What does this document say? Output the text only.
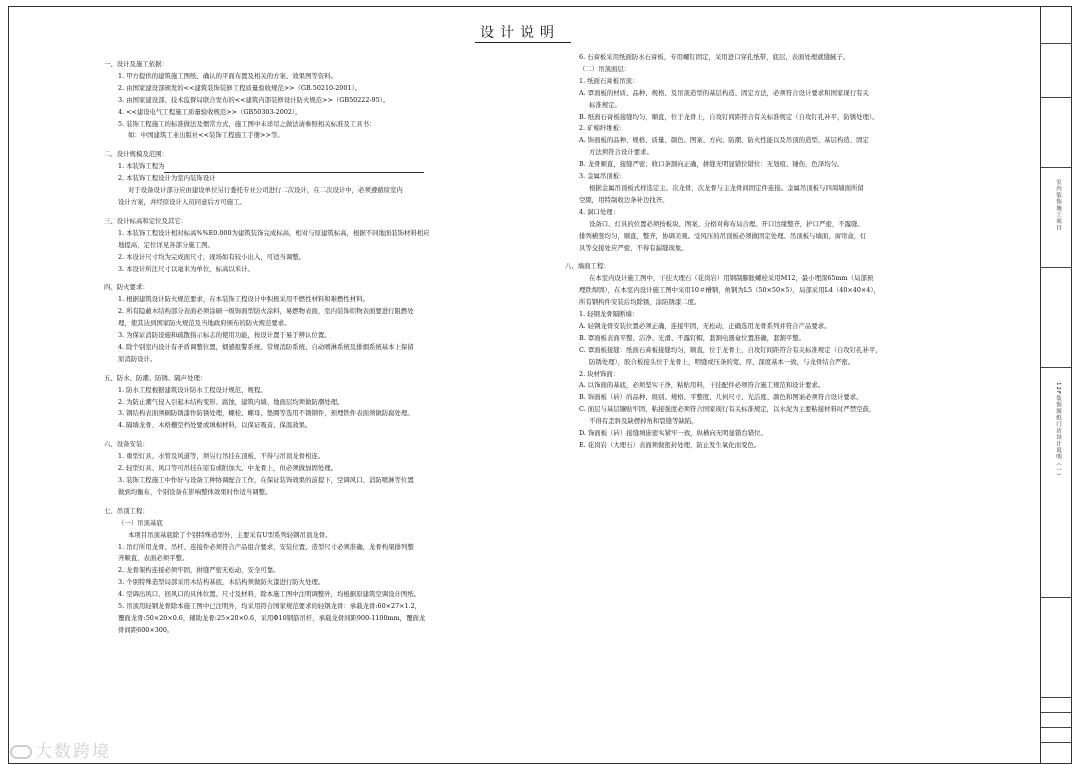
设计说明
一、设计及施工依据：
1. 甲方提供的建筑施工图纸、确认的平面布置及相关的方案、效果图等资料。
2. 由国家建设部颁发的<<建筑装饰装修工程质量验收规范>>（GB.50210-2001）。
3. 由国家建设部、技术监督局联合发布的<<建筑内部装修设计防火规范>>（GB50222-95）。
4. <<建设电气工程施工质量验收规范>>（GB50303-2002）。
5. 装饰工程施工的标准做法及惯常方式，施工图中未详尽之做法请参照相关标准及工具书：
如：中国建筑工业出版社<<装饰工程施工手册>>等。
二、设计规模及范围：
1. 本装饰工程为
2. 本装饰工程设计为室内装饰设计
对于设备设计部分应由建设单位另行委托专业公司进行二次设计，在二次设计中，必须遵循原室内
设计方案，并经原设计人员同意后方可施工。
三、设计标高和定位及其它：
1. 本装饰工程设计相对标高%%E0.000为建筑装饰完成标高，相对与原建筑标高，根据不同地面装饰材料相应
地提高，定位详见各部分施工图。
2. 本设计尺寸均为完成面尺寸，现场如有较小出入，可适当调整。
3. 本设计所注尺寸以毫米为单位，标高以米计。
四、防火要求：
1. 根据建筑设计防火规范要求，在本装饰工程设计中积极采用不燃性材料和难燃性材料。
2. 所有隐蔽木结构部分表面必须涂刷一级饰面型防火涂料，易燃物表面，室内装饰织物表面要进行阻燃处
理，使其达到国家防火规范及当地政府颁布的防火规范要求。
3. 为保证消防设施和疏散指示标志的使用功能，按设计置于易于辨认位置。
4. 除个别室内设计有矛盾调整位置，烟感报警系统、常规消防系统、自动喷淋系统及排烟系统基本上保留
原消防设计。
五、防水、防潮、防锈、隔声处理：
1. 防水工程根据建筑设计防水工程设计规范、规程。
2. 为防止潮气侵入引起木结构变形、腐蚀，建筑内墙、地面层均须做防潮处理。
3. 钢结构表面须刷防锈漆作防锈处理，螺栓、螺母、垫圈等选用不锈钢件，预埋铁件表面须做防腐处理。
4. 隔墙龙骨、木格栅空档处要或填棉材料，以保证吸音、保温效果。
六、设备安装：
1. 重型灯具、水管及风道等，须另行吊挂在顶板，不得与吊顶龙骨相连。
2. 轻型灯具、风口等可吊挂在原有或附加大、中龙骨上，但必须做加固处理。
3. 装饰工程施工中作好与设备工种协调配合工作，在保证装饰效果的前提下，空调风口、消防喷淋等位置
做到均衡布，个别设备在影响整体效果时作适当调整。
七、吊顶工程：
（一）吊顶基底
本项目吊顶基底除了个别特殊造型外，主要采有U型系列轻钢吊顶龙骨。
1. 吊灯所用龙骨、吊杆、连接件必须符合产品组合要求，安装位置、造型尺寸必须准确，龙骨构架排列整
齐顺直，表面必须平整。
2. 龙骨架构连接必须牢固，拼缝严密无松动，安全可靠。
3. 个别特殊造型局部采用木结构基底，木结构须做防火漆进行防火处理。
4. 空调出风口、回风口的具体位置、尺寸及材料，除本施工图中注明调整外，均根据原建筑空调设计图纸。
5. 吊顶用轻钢龙骨除本施工图中已注明外，均采用符合国家规范要求的轻钢龙骨：承载龙骨:60×27×1.2，
覆面龙骨:50×20×0.6，辅助龙骨:25×20×0.6，采用Φ10钢筋吊杆，承载龙骨间距900-1100mm，覆面龙
骨间距600×300。
6. 石膏板采用纸面防水石膏板，专用螺钉固定，采用进口穿孔纸带，底层、表面处理就缝腻子。
（二）吊顶面层：
1. 纸面石膏板吊顶：
A. 罩面板的材质、品种、规格、及吊顶造型的基层构造、固定方法，必须符合设计要求和国家现行有关
标准规定。
B. 纸面石膏板接缝均匀，顺直，位于龙骨上，自攻钉间距符合有关标准规定（自攻钉孔补平，防锈处理）。
2. 矿棉纤维板：
A. 饰面板的品种、规格、质量、颜色、图案、方向、防潮、防火性能以及吊顶的造型、基层构造、固定
方法须符合设计要求。
B. 龙骨顺直，接缝严密；收口条割向正确，拼缝无明显错位错位：无划痕、锤伤，色泽均匀。
3. 金属吊顶板：
根据金属吊顶板式样选定主、次龙骨，次龙骨与主龙骨间固定件连接。金属吊顶板与四周墙面所留
空隙，用特制收边条补边找齐。
4. 洞口处理：
设备口、灯具的位置必须按板块、图案、分格对称布局合理。开口边缘整齐，护口严密，不露缝。
排列横竖均匀，顺直，整齐，协调美观。受风压的吊顶板必须做固定处理。吊顶板与墙面，窗帘盒，灯
具等交接处应严密，不得有漏缝现象。
八、墙面工程：
在本室内设计施工图中，干挂大理石（花岗岩）用钢制膨胀螺栓采用M12，最小埋深65mm（局部预
埋铁焊固），在本室内设计施工图中采用10＃槽钢，角钢为L5（50×50×5），局部采用L4（40×40×4），
所有钢构件安装后均除锈，涂防锈漆二度。
1. 轻钢龙骨隔断墙：
A. 轻钢龙骨安装位置必须正确，连接牢固，无松动，正确选用龙骨系列并符合产品要求。
B. 罩面板表面平整、洁净、光滑、不露钉帽，套割电器盒位置准确，套割平整。
C. 罩面板接缝：纸面石膏板接缝均匀，顺直，位于龙骨上，自攻钉间距符合有关标准规定（自攻钉孔补平，
防锈处理），胶合板接头位于龙骨上，明缝或压条的宽、厚、深度基本一致，与龙骨结合严密。
2. 块材饰面：
A. 以饰面的基底，必须坚实干净，粘贴用料，干挂配件必须符合施工规范和设计要求。
B. 饰面板（砖）的品种、级别、规格、平整度、几何尺寸、光洁度、颜色和图案必须符合设计要求。
C. 面层与基层镶贴牢固，粘接强度必须符合国家现行有关标准规定，以水泥为主要粘接材料时严禁空鼓，
不得有歪斜及缺楞掉角和裂缝等缺陷。
D. 饰面板（砖）接缝填嵌密实紧牢一致，纵横向无明显错台错位。
E. 花岗岩（大理石）表面须做密封处理，防止发生氧化而变色。
室内装饰施工项目
12F装饰图纸门店设计说明（一）
大数跨境
